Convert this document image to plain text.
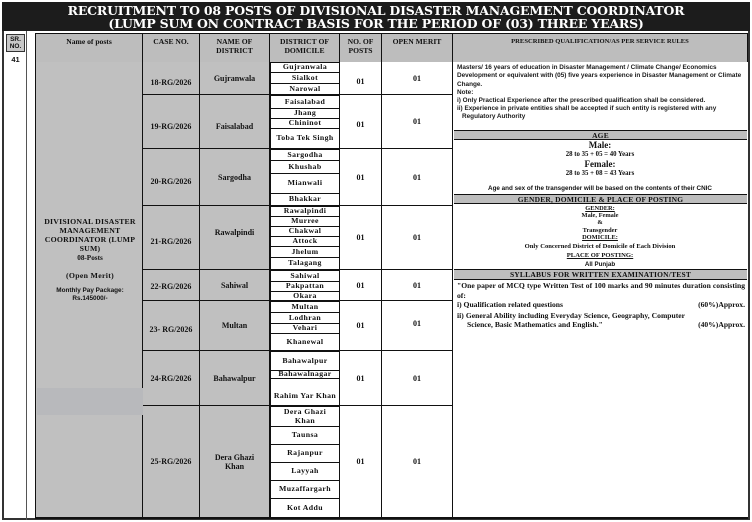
RECRUITMENT TO 08 POSTS OF DIVISIONAL DISASTER MANAGEMENT COORDINATOR
(LUMP SUM ON CONTRACT BASIS FOR THE PERIOD OF (03) THREE YEARS)
SR. NO.
41
Name of posts	CASE NO.	NAME OF DISTRICT
DISTRICT OF DOMICILE
NO. OF POSTS
OPEN MERIT	PRESCRIBED QUALIFICATION/AS PER SERVICE RULES
DIVISIONAL DISASTER MANAGEMENT COORDINATOR (LUMP SUM)
08-Posts
(Open Merit)
Monthly Pay Package:
Rs.145000/-
18-RG/2026	Gujranwala
Gujranwala
Sialkot
Narowal
01	01
19-RG/2026	Faisalabad
Faisalabad
Jhang
Chininot
Toba Tek Singh
01	01
20-RG/2026	Sargodha
Sargodha
Khushab
Mianwali
Bhakkar
01	01
21-RG/2026
Rawalpindi
Rawalpindi
Murree
Chakwal
Attock
Jhelum
Talagang
01	01
22-RG/2026	Sahiwal
Sahiwal
Pakpattan
Okara
01	01
23- RG/2026	Multan
Multan
Lodhran
Vehari
Khanewal
01	01
24-RG/2026	Bahawalpur
Bahawalpur
Bahawalnagar
Rahim Yar Khan
01	01
25-RG/2026	Dera Ghazi Khan
Dera Ghazi Khan
Taunsa
Rajanpur
Layyah
Muzaffargarh
Kot Addu
01	01
Masters/ 16 years of education in Disaster Management / Climate Change/ Economics Development or equivalent with (05) five years experience in Disaster Management or Climate Change.
Note:
i) Only Practical Experience after the prescribed qualification shall be considered.
ii) Experience in private entities shall be accepted if such entity is registered with any Regulatory Authority
AGE
Male:
28 to 35 + 05 = 40 Years
Female:
28 to 35 + 08 = 43 Years
Age and sex of the transgender will be based on the contents of their CNIC
GENDER, DOMICILE & PLACE OF POSTING
GENDER:
Male, Female
&
Transgender
DOMICILE:
Only Concerned District of Domicile of Each Division
PLACE OF POSTING:
All Punjab
SYLLABUS FOR WRITTEN EXAMINATION/TEST
"One paper of MCQ type Written Test of 100 marks and 90 minutes duration consisting of:
i) Qualification related questions	(60%)Approx.
ii) General Ability including Everyday Science, Geography, Computer Science, Basic Mathematics and English."	(40%)Approx.
